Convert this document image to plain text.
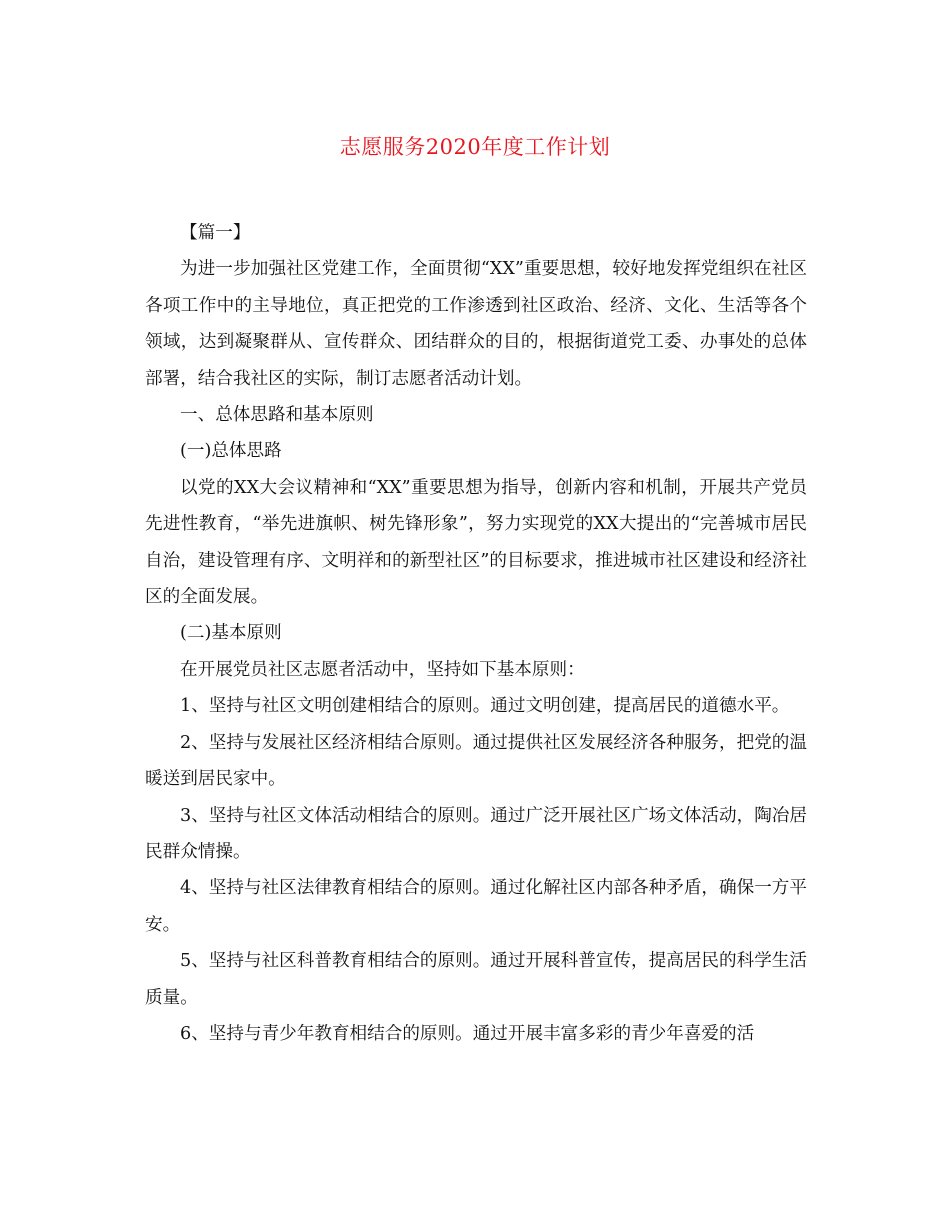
志愿服务2020年度工作计划

【篇一】

为进一步加强社区党建工作，全面贯彻“XX”重要思想，较好地发挥党组织在社区各项工作中的主导地位，真正把党的工作渗透到社区政治、经济、文化、生活等各个领域，达到凝聚群从、宣传群众、团结群众的目的，根据街道党工委、办事处的总体部署，结合我社区的实际，制订志愿者活动计划。

一、总体思路和基本原则

(一)总体思路

以党的XX大会议精神和“XX”重要思想为指导，创新内容和机制，开展共产党员先进性教育，“举先进旗帜、树先锋形象”，努力实现党的XX大提出的“完善城市居民自治，建设管理有序、文明祥和的新型社区”的目标要求，推进城市社区建设和经济社区的全面发展。

(二)基本原则

在开展党员社区志愿者活动中，坚持如下基本原则：

1、坚持与社区文明创建相结合的原则。通过文明创建，提高居民的道德水平。

2、坚持与发展社区经济相结合原则。通过提供社区发展经济各种服务，把党的温暖送到居民家中。

3、坚持与社区文体活动相结合的原则。通过广泛开展社区广场文体活动，陶冶居民群众情操。

4、坚持与社区法律教育相结合的原则。通过化解社区内部各种矛盾，确保一方平安。

5、坚持与社区科普教育相结合的原则。通过开展科普宣传，提高居民的科学生活质量。

6、坚持与青少年教育相结合的原则。通过开展丰富多彩的青少年喜爱的活
